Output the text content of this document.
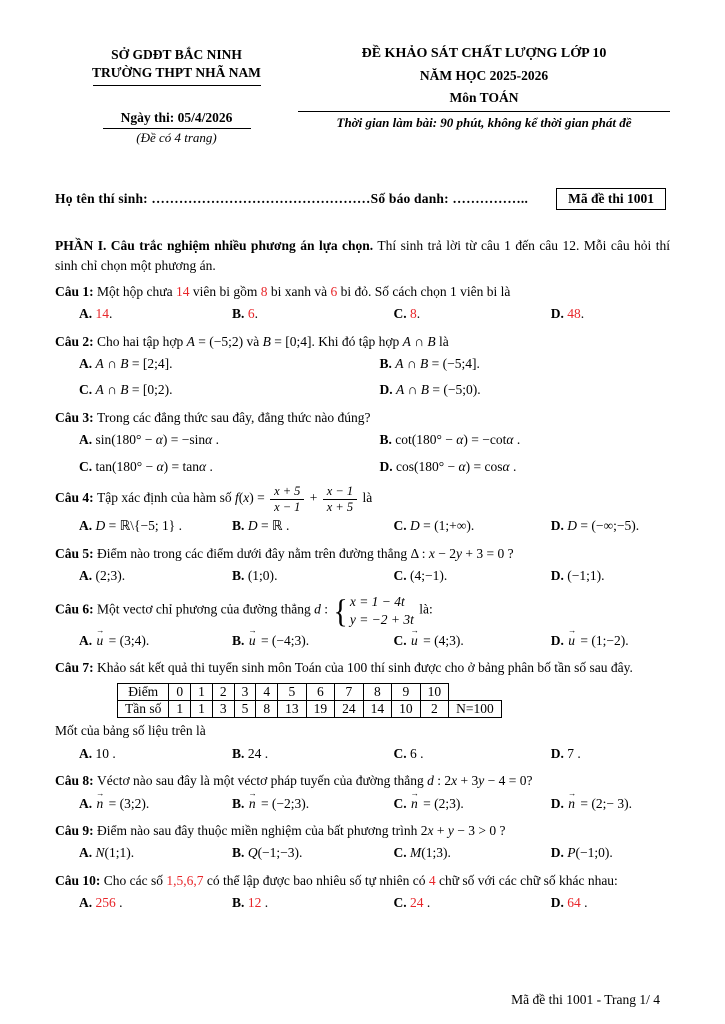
SỞ GDĐT BẮC NINH
TRƯỜNG THPT NHÃ NAM
Ngày thi: 05/4/2026
(Đề có 4 trang)
ĐỀ KHẢO SÁT CHẤT LƯỢNG LỚP 10
NĂM HỌC 2025-2026
Môn TOÁN
Thời gian làm bài: 90 phút, không kể thời gian phát đề
Họ tên thí sinh: …………………………………………Số báo danh: ……………..	Mã đề thi 1001

PHẦN I. Câu trắc nghiệm nhiều phương án lựa chọn. Thí sinh trả lời từ câu 1 đến câu 12. Mỗi câu hỏi thí sinh chỉ chọn một phương án.

Câu 1: Một hộp chưa 14 viên bi gồm 8 bi xanh và 6 bi đỏ. Số cách chọn 1 viên bi là
A. 14.	B. 6.	C. 8.	D. 48.
Câu 2: Cho hai tập hợp A = (−5;2) và B = [0;4]. Khi đó tập hợp A ∩ B là
A. A ∩ B = [2;4].	B. A ∩ B = (−5;4].
C. A ∩ B = [0;2).	D. A ∩ B = (−5;0).
Câu 3: Trong các đẳng thức sau đây, đẳng thức nào đúng?
A. sin(180° − α) = −sinα .	B. cot(180° − α) = −cotα .
C. tan(180° − α) = tanα .	D. cos(180° − α) = cosα .
Câu 4: Tập xác định của hàm số $f(x) = \frac{x + 5}{x - 1} + \frac{x - 1}{x + 5}$ là
A. D = ℝ\{−5; 1} .	B. D = ℝ .	C. D = (1;+∞).	D. D = (−∞;−5).
Câu 5: Điểm nào trong các điểm dưới đây nằm trên đường thẳng Δ : x − 2y + 3 = 0 ?
A. (2;3).	B. (1;0).	C. (4;−1).	D. (−1;1).
Câu 6: Một vectơ chỉ phương của đường thẳng d : { x = 1 − 4t
y = −2 + 3t
là:
A.
→
u = (3;4).	B.
→
u = (−4;3).	C.
→
u = (4;3).	D.
→
u = (1;−2).
Câu 7: Khảo sát kết quả thi tuyển sinh môn Toán của 100 thí sinh được cho ở bảng phân bố tần số sau đây.
Điểm	0	1	2	3	4	5	6	7	8	9	10	
Tần số	1	1	3	5	8	13	19	24	14	10	2	N=100
Mốt của bảng số liệu trên là
A. 10 .	B. 24 .	C. 6 .	D. 7 .
Câu 8: Véctơ nào sau đây là một véctơ pháp tuyến của đường thẳng d : 2x + 3y − 4 = 0?
A.
→
n = (3;2).	B.
→
n = (−2;3).	C.
→
n = (2;3).	D.
→
n = (2;− 3).
Câu 9: Điểm nào sau đây thuộc miền nghiệm của bất phương trình 2x + y − 3 > 0 ?
A. N(1;1).	B. Q(−1;−3).	C. M(1;3).	D. P(−1;0).
Câu 10: Cho các số 1,5,6,7 có thể lập được bao nhiêu số tự nhiên có 4 chữ số với các chữ số khác nhau:
A. 256 .	B. 12 .	C. 24 .	D. 64 .
Mã đề thi 1001 - Trang 1/ 4
